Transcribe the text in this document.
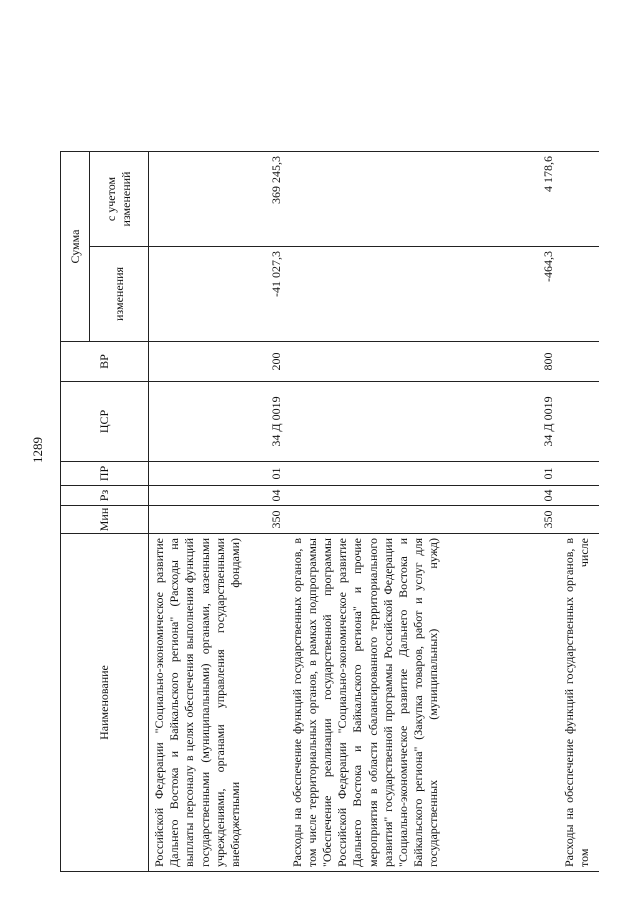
1289
Наименование	Мин	Рз	ПР	ЦСР	ВР	Сумма	
						изменения	с учетом изменений
Российской Федерации "Социально-экономическое развитие Дальнего Востока и Байкальского региона" (Расходы на выплаты персоналу в целях обеспечения выполнения функций государственными (муниципальными) органами, казенными учреждениями, органами управления государственными внебюджетными фондами)	350	04	01	34 Д 0019	200	-41 027,3	369 245,3
Расходы на обеспечение функций государственных органов, в том числе территориальных органов, в рамках подпрограммы "Обеспечение реализации государственной программы Российской Федерации "Социально-экономическое развитие Дальнего Востока и Байкальского региона" и прочие мероприятия в области сбалансированного территориального развития" государственной программы Российской Федерации "Социально-экономическое развитие Дальнего Востока и Байкальского региона" (Закупка товаров, работ и услуг для государственных (муниципальных) нужд)	350	04	01	34 Д 0019	800	-464,3	4 178,6
Расходы на обеспечение функций государственных органов, в том числе							
